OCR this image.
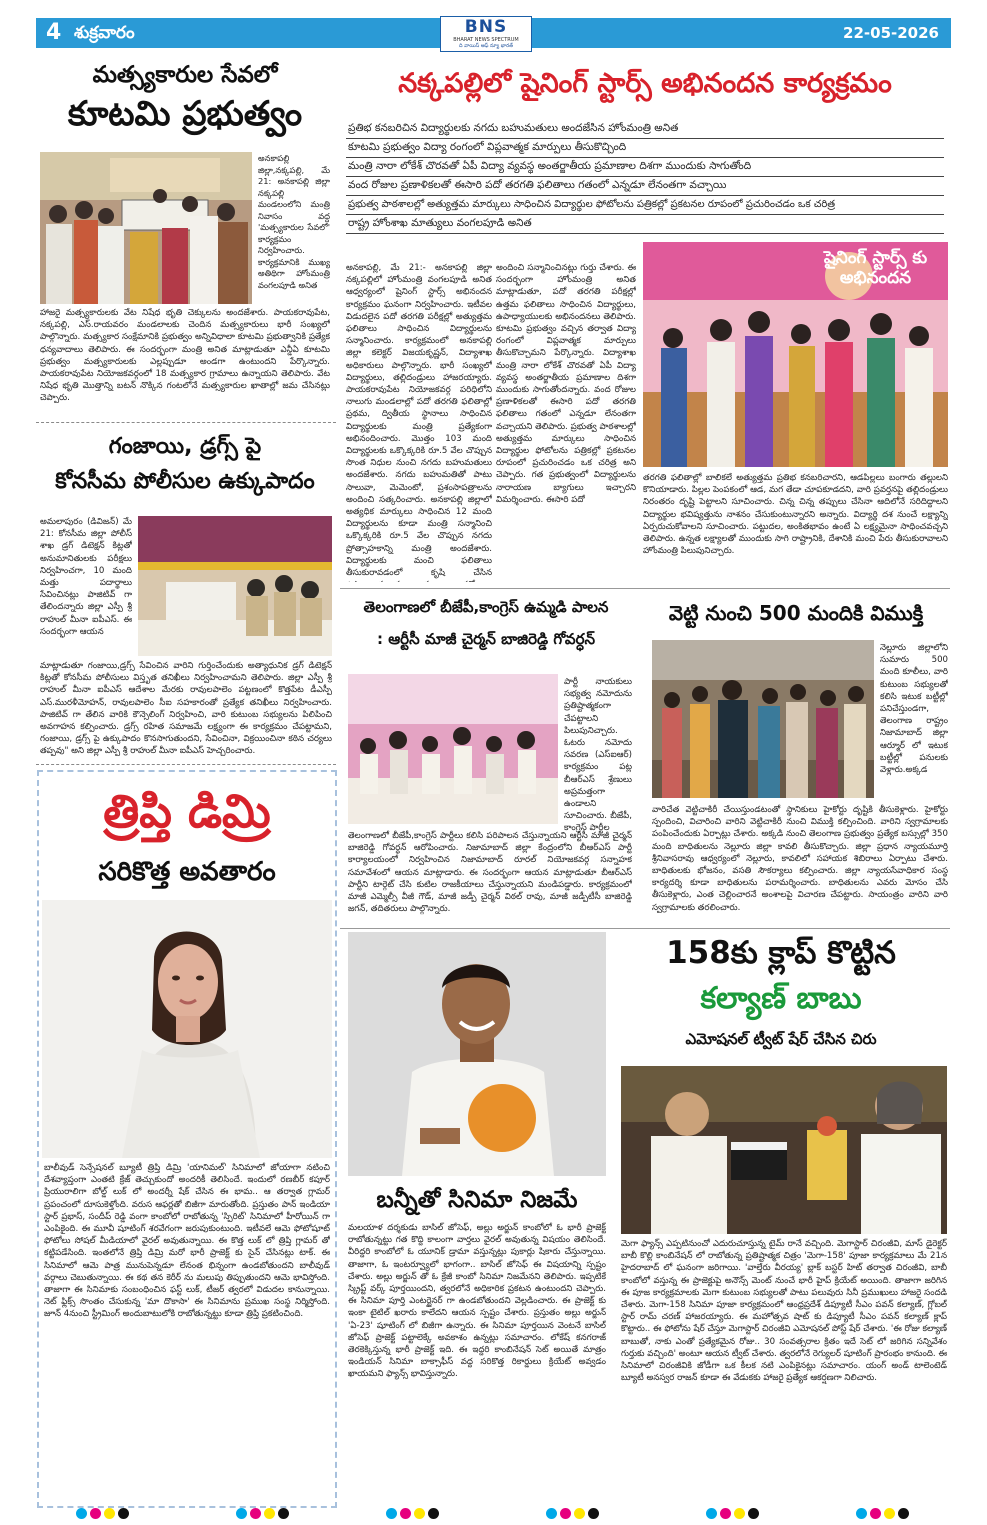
4 శుక్రవారం	22-05-2026
BNS
BHARAT NEWS SPECTRUM
ది వాయిస్ ఆఫ్ న్యూ భారత్
మత్స్యకారుల సేవలో
కూటమి ప్రభుత్వం
అనకాపల్లి జిల్లా,నక్కపల్లి, మే 21: అనకాపల్లి జిల్లా నక్కపల్లి మండలంలోని మంత్రి నివాసం వద్ద 'మత్స్యకారుల సేవలో' కార్యక్రమం నిర్వహించారు. కార్యక్రమానికి ముఖ్య అతిథిగా హోంమంత్రి వంగలపూడి అనిత
హాజరై మత్స్యకారులకు వేట నిషేధ భృతి చెక్కులను అందజేశారు. పాయకరావుపేట, నక్కపల్లి, ఎస్.రాయవరం మండలాలకు చెందిన మత్స్యకారులు భారీ సంఖ్యలో పాల్గొన్నారు. మత్స్యకార సంక్షేమానికి ప్రభుత్వం అన్నివిధాలా కూటమి ప్రభుత్వానికి ప్రత్యేక ధన్యవాదాలు తెలిపారు. ఈ సందర్భంగా మంత్రి అనిత మాట్లాడుతూ ఎన్డీఏ కూటమి ప్రభుత్వం మత్స్యకారులకు ఎల్లప్పుడూ అండగా ఉంటుందని పేర్కొన్నారు. పాయకరావుపేట నియోజకవర్గంలో 18 మత్స్యకార గ్రామాలు ఉన్నాయని తెలిపారు. వేట నిషేధ భృతి మొత్తాన్ని బటన్ నొక్కిన గంటలోనే మత్స్యకారుల ఖాతాల్లో జమ చేసినట్లు చెప్పారు.
నక్కపల్లిలో షైనింగ్ స్టార్స్ అభినందన కార్యక్రమం
ప్రతిభ కనబరిచిన విద్యార్థులకు నగదు బహుమతులు అందజేసిన హోంమంత్రి అనిత
కూటమి ప్రభుత్వం విద్యా రంగంలో విప్లవాత్మక మార్పులు తీసుకొచ్చింది
మంత్రి నారా లోకేశ్ చొరవతో ఏపీ విద్యా వ్యవస్థ అంతర్జాతీయ ప్రమాణాల దిశగా ముందుకు సాగుతోంది
వంద రోజుల ప్రణాళికలతో ఈసారి పదో తరగతి ఫలితాలు గతంలో ఎన్నడూ లేనంతగా వచ్చాయి
ప్రభుత్వ పాఠశాలల్లో అత్యుత్తమ మార్కులు సాధించిన విద్యార్థుల ఫోటోలను పత్రికల్లో ప్రకటనల రూపంలో ప్రచురించడం ఒక చరిత్ర
రాష్ట్ర హోంశాఖ మాత్యులు వంగలపూడి అనిత
అనకాపల్లి, మే 21:- అనకాపల్లి జిల్లా నక్కపల్లిలో హోంమంత్రి వంగలపూడి అనిత ఆధ్వర్యంలో షైనింగ్ స్టార్స్ అభినందన కార్యక్రమం ఘనంగా నిర్వహించారు. ఇటీవల విడుదలైన పదో తరగతి పరీక్షల్లో అత్యుత్తమ ఫలితాలు సాధించిన విద్యార్థులను సన్మానించారు. కార్యక్రమంలో అనకాపల్లి జిల్లా కలెక్టర్ విజయకృష్ణన్, విద్యాశాఖ అధికారులు పాల్గొన్నారు. భారీ సంఖ్యలో విద్యార్థులు, తల్లిదండ్రులు హాజరయ్యారు. పాయకరావుపేట నియోజకవర్గ పరిధిలోని నాలుగు మండలాల్లో పదో తరగతి ఫలితాల్లో ప్రథమ, ద్వితీయ స్థానాలు సాధించిన విద్యార్థులకు మంత్రి ప్రత్యేకంగా అభినందించారు. మొత్తం 103 మంది విద్యార్థులకు ఒక్కొక్కరికి రూ.5 వేల చొప్పున సొంత నిధుల నుంచి నగదు బహుమతులు అందజేశారు. నగదు బహుమతితో పాటు సాలువా, మెమెంటో, ప్రశంసాపత్రాలను అందించి సత్కరించారు. అనకాపల్లి జిల్లాలో అత్యధిక మార్కులు సాధించిన 12 మంది విద్యార్థులను కూడా మంత్రి సన్మానించి ఒక్కొక్కరికి రూ.5 వేల చొప్పున నగదు ప్రోత్సాహకాన్ని మంత్రి అందజేశారు. విద్యార్థులకు మంచి ఫలితాలు తీసుకురావడంలో కృషి చేసిన
అందించి సన్మానించినట్లు గుర్తు చేశారు. ఈ సందర్భంగా హోంమంత్రి అనిత మాట్లాడుతూ, పదో తరగతి పరీక్షల్లో ఉత్తమ ఫలితాలు సాధించిన విద్యార్థులు, ఉపాధ్యాయులకు అభినందనలు తెలిపారు. కూటమి ప్రభుత్వం వచ్చిన తర్వాత విద్యా రంగంలో విప్లవాత్మక మార్పులు తీసుకొచ్చామని పేర్కొన్నారు. విద్యాశాఖ మంత్రి నారా లోకేశ్ చొరవతో ఏపీ విద్యా వ్యవస్థ అంతర్జాతీయ ప్రమాణాల దిశగా ముందుకు సాగుతోందన్నారు. వంద రోజుల ప్రణాళికలతో ఈసారి పదో తరగతి ఫలితాలు గతంలో ఎన్నడూ లేనంతగా వచ్చాయని తెలిపారు. ప్రభుత్వ పాఠశాలల్లో అత్యుత్తమ మార్కులు సాధించిన విద్యార్థుల ఫోటోలను పత్రికల్లో ప్రకటనల రూపంలో ప్రచురించడం ఒక చరిత్ర అని చెప్పారు. గత ప్రభుత్వంలో విద్యార్థులను నారాయణ బ్యాగులు ఇచ్చారని విమర్శించారు. ఈసారి పదో
షైనింగ్ స్టార్స్ కు అభినందన
తరగతి ఫలితాల్లో బాలికలే అత్యుత్తమ ప్రతిభ కనబరిచారని, ఆడపిల్లలు బంగారు తల్లులని కొనియాడారు. పిల్లల పెంపకంలో ఆడ, మగ తేడా చూపకూడదని, వారి ప్రవర్తనపై తల్లిదండ్రులు నిరంతరం దృష్టి పెట్టాలని సూచించారు. చిన్న చిన్న తప్పులు చేసినా ఆదిలోనే సరిదిద్దాలని విద్యార్థుల భవిష్యత్తును నాశనం చేసుకుంటున్నారని అన్నారు. విద్యార్థి దశ నుంచే లక్ష్యాన్ని ఏర్పరుచుకోవాలని సూచించారు. పట్టుదల, అంకితభావం ఉంటే ఏ లక్ష్యమైనా సాధించవచ్చని తెలిపారు. ఉన్నత లక్ష్యాలతో ముందుకు సాగి రాష్ట్రానికి, దేశానికి మంచి పేరు తీసుకురావాలని హోంమంత్రి పిలుపునిచ్చారు.
గంజాయి, డ్రగ్స్ పై
కోనసీమ పోలీసుల ఉక్కుపాదం
అమలాపురం (డివిజన్) మే 21: కోనసీమ జిల్లా పోలీస్ శాఖ డ్రగ్ డిటెక్షన్ కిట్లతో అనుమానితులకు పరీక్షలు నిర్వహించగా, 10 మంది మత్తు పదార్థాలు సేవించినట్లు పాజిటివ్ గా తేలిందన్నారు జిల్లా ఎస్పీ శ్రీ రాహుల్ మీనా ఐపీఎస్. ఈ సందర్భంగా ఆయన
మాట్లాడుతూ గంజాయి,డ్రగ్స్ సేవించిన వారిని గుర్తించేందుకు అత్యాధునిక డ్రగ్ డిటెక్షన్ కిట్లతో కోనసీమ పోలీసులు విస్తృత తనిఖీలు నిర్వహించామని తెలిపారు. జిల్లా ఎస్పీ శ్రీ రాహుల్ మీనా ఐపీఎస్ ఆదేశాల మేరకు రావులపాలెం పట్టణంలో కొత్తపేట డీఎస్పీ ఎస్.మురళీమోహన్, రావులపాలెం సీఐ సహకారంతో ప్రత్యేక తనిఖీలు నిర్వహించారు. పాజిటివ్ గా తేలిన వారికి కౌన్సెలింగ్ నిర్వహించి, వారి కుటుంబ సభ్యులను పిలిపించి అవగాహన కల్పించారు. డ్రగ్స్ రహిత సమాజమే లక్ష్యంగా ఈ కార్యక్రమం చేపట్టామని, గంజాయి, డ్రగ్స్ పై ఉక్కుపాదం కొనసాగుతుందని, సేవించినా, విక్రయించినా కఠిన చర్యలు తప్పవు" అని జిల్లా ఎస్పీ శ్రీ రాహుల్ మీనా ఐపీఎస్ హెచ్చరించారు.
తెలంగాణలో బీజేపీ,కాంగ్రెస్ ఉమ్మడి పాలన
: ఆర్టీసీ మాజీ చైర్మన్ బాజిరెడ్డి గోవర్ధన్
పార్టీ నాయకులు సభ్యత్వ నమోదును ప్రతిష్టాత్మకంగా చేపట్టాలని పిలుపునిచ్చారు. ఓటరు నమోదు సవరణ (ఎస్ఐఆర్) కార్యక్రమం పట్ల బీఆర్ఎస్ శ్రేణులు అప్రమత్తంగా ఉండాలని సూచించారు. బీజేపీ, కాంగ్రెస్ పార్టీల
తెలంగాణలో బీజేపీ,కాంగ్రెస్ పార్టీలు కలిసి పరిపాలన చేస్తున్నాయని ఆర్టీసీ మాజీ చైర్మన్ బాజిరెడ్డి గోవర్ధన్ ఆరోపించారు. నిజామాబాద్ జిల్లా కేంద్రంలోని బీఆర్ఎస్ పార్టీ కార్యాలయంలో నిర్వహించిన నిజామాబాద్ రూరల్ నియోజకవర్గ సన్నాహక సమావేశంలో ఆయన మాట్లాడారు. ఈ సందర్భంగా ఆయన మాట్లాడుతూ బీఆర్ఎస్ పార్టీని టార్గెట్ చేసి కుటిల రాజకీయాలు చేస్తున్నాయని మండిపడ్డారు. కార్యక్రమంలో మాజీ ఎమ్మెల్సీ వీజీ గౌడ్, మాజీ జడ్పీ చైర్మన్ విఠల్ రావు, మాజీ జడ్పీటీసీ బాజిరెడ్డి జగన్, తదితరులు పాల్గొన్నారు.
వెట్టి నుంచి 500 మందికి విముక్తి
నెల్లూరు జిల్లాలోని సుమారు 500 మంది కూలీలు, వారి కుటుంబ సభ్యులతో కలిసి ఇటుక బట్టీల్లో పనిచేస్తుండగా, తెలంగాణ రాష్ట్రం నిజామాబాద్ జిల్లా ఆర్మూర్ లో ఇటుక బట్టీల్లో పనులకు వెళ్లారు.అక్కడ
వారిచేత వెట్టిచాకిరీ చేయిస్తుండటంతో స్థానికులు హైకోర్టు దృష్టికి తీసుకెళ్లారు. హైకోర్టు స్పందించి, విచారించి వారిని వెట్టిచాకిరీ నుంచి విముక్తి కల్పించింది. వారిని స్వగ్రామాలకు పంపించేందుకు ఏర్పాట్లు చేశారు. అక్కడి నుంచి తెలంగాణ ప్రభుత్వం ప్రత్యేక బస్సుల్లో 350 మంది బాధితులను నెల్లూరు జిల్లా కావలి తీసుకొచ్చారు. జిల్లా ప్రధాన న్యాయమూర్తి శ్రీనివాసరావు ఆధ్వర్యంలో నెల్లూరు, కావలిలో సహాయక శిబిరాలు ఏర్పాటు చేశారు. బాధితులకు భోజనం, వసతి సౌకర్యాలు కల్పించారు. జిల్లా న్యాయసేవాధికార సంస్థ కార్యదర్శి కూడా బాధితులను పరామర్శించారు. బాధితులను ఎవరు మోసం చేసి తీసుకెళ్లారు, ఎంత చెల్లించారనే అంశాలపై విచారణ చేపట్టారు. సాయంత్రం వారిని వారి స్వగ్రామాలకు తరలించారు.
త్రిప్తి డిమ్రి
సరికొత్త అవతారం
బాలీవుడ్ సెన్సేషనల్ బ్యూటీ త్రిప్తి డిమ్రి 'యానిమల్' సినిమాలో జోయాగా నటించి దేశవ్యాప్తంగా ఎంతటి క్రేజ్ తెచ్చుకుందో అందరికీ తెలిసిందే. ఇందులో రణబీర్ కపూర్ ప్రియురాలిగా బోల్డ్ లుక్ లో అందర్నీ షేక్ చేసిన ఈ భామ.. ఆ తర్వాత గ్లామర్ ప్రపంచంలో దూసుకెళ్తోంది. వరుస ఆఫర్లతో బిజీగా మారుతోంది. ప్రస్తుతం పాన్ ఇండియా స్టార్ ప్రభాస్, సందీప్ రెడ్డి వంగా కాంబోలో రాబోతున్న 'స్పిరిట్' సినిమాలో హీరోయిన్ గా ఎంపికైంది. ఈ మూవీ షూటింగ్ శరవేగంగా జరుపుకుంటుంది. ఇటీవలే ఆమె ఫోటోషూట్ ఫోటోలు సోషల్ మీడియాలో వైరల్ అవుతున్నాయి. ఈ కొత్త లుక్ లో త్రిప్తి గ్లామర్ తో కట్టిపడేసింది. ఇంతలోనే త్రిప్తి డిమ్రి మరో భారీ ప్రాజెక్ట్ కు సైన్ చేసినట్లు టాక్. ఈ సినిమాలో ఆమె పాత్ర మునుపెన్నడూ లేనంత భిన్నంగా ఉండబోతుందని బాలీవుడ్ వర్గాలు చెబుతున్నాయి. ఈ కథ తన కెరీర్ ను మలుపు తిప్పుతుందని ఆమె భావిస్తోంది. తాజాగా ఈ సినిమాకు సంబంధించిన ఫస్ట్ లుక్, టీజర్ త్వరలో విడుదల కానున్నాయి. నెట్ ఫ్లిక్స్ సొంతం చేసుకున్న 'మా దొకాసా' ఈ సినిమాను ప్రముఖ సంస్థ నిర్మిస్తోంది. జూన్ 4నుంచి స్ట్రీమింగ్ అందుబాటులోకి రాబోతున్నట్టు కూడా త్రిప్తి ప్రకటించింది.
బన్నీతో సినిమా నిజమే
మలయాళ దర్శకుడు బాసిల్ జోసెఫ్, అల్లు అర్జున్ కాంబోలో ఓ భారీ ప్రాజెక్ట్ రాబోతున్నట్టు గత కొద్ది కాలంగా వార్తలు వైరల్ అవుతున్న విషయం తెలిసిందే. వీరిద్దరి కాంబోలో ఓ యూనిక్ డ్రామా వస్తున్నట్లు పుకార్లు షికారు చేస్తున్నాయి. తాజాగా, ఓ ఇంటర్వ్యూలో భాగంగా.. బాసిల్ జోసెఫ్ ఈ విషయాన్ని స్పష్టం చేశారు. అల్లు అర్జున్ తో ఓ క్రేజీ కాంబో సినిమా నిజమేనని తెలిపారు. ఇప్పటికే స్క్రిప్ట్ వర్క్ పూర్తయిందని, త్వరలోనే అధికారిక ప్రకటన ఉంటుందని చెప్పారు. ఈ సినిమా పూర్తి ఎంటర్టైనర్ గా ఉండబోతుందని వెల్లడించారు. ఈ ప్రాజెక్ట్ కు ఇంకా టైటిల్ ఖరారు కాలేదని ఆయన స్పష్టం చేశారు. ప్రస్తుతం అల్లు అర్జున్ 'ఏ-23' షూటింగ్ లో బిజీగా ఉన్నారు. ఈ సినిమా పూర్తయిన వెంటనే బాసిల్ జోసెఫ్ ప్రాజెక్ట్ పట్టాలెక్కే అవకాశం ఉన్నట్లు సమాచారం. లోకేష్ కనగరాజ్ తెరకెక్కిస్తున్న భారీ ప్రాజెక్ట్ ఇది. ఈ ఇద్దరి కాంబినేషన్ సెట్ అయితే మాత్రం ఇండియన్ సినిమా బాక్సాఫీస్ వద్ద సరికొత్త రికార్డులు క్రియేట్ అవ్వడం ఖాయమని ఫ్యాన్స్ భావిస్తున్నారు.
158కు క్లాప్ కొట్టిన
కల్యాణ్ బాబు
ఎమోషనల్ ట్వీట్ షేర్ చేసిన చిరు
మెగా ఫ్యాన్స్ ఎప్పటినుంచో ఎదురుచూస్తున్న టైమ్ రానే వచ్చింది. మెగాస్టార్ చిరంజీవి, మాస్ డైరెక్టర్ బాబీ కొల్లి కాంబినేషన్ లో రాబోతున్న ప్రతిష్టాత్మక చిత్రం 'మెగా-158' పూజా కార్యక్రమాలు మే 21న హైదరాబాద్ లో ఘనంగా జరిగాయి. 'వాల్తేరు వీరయ్య' బ్లాక్ బస్టర్ హిట్ తర్వాత చిరంజీవి, బాబీ కాంబోలో వస్తున్న ఈ ప్రాజెక్టుపై అనౌన్స్ మెంట్ నుంచే భారీ హైప్ క్రియేట్ అయింది. తాజాగా జరిగిన ఈ పూజ కార్యక్రమాలకు మెగా కుటుంబ సభ్యులతో పాటు పలువురు సినీ ప్రముఖులు హాజరై సందడి చేశారు. మెగా-158 సినిమా పూజా కార్యక్రమంలో ఆంధ్రప్రదేశ్ డిప్యూటీ సీఎం పవన్ కల్యాణ్, గ్లోబల్ స్టార్ రామ్ చరణ్ హాజరయ్యారు. ఈ మహోత్సవ షాట్ కు డిప్యూటీ సీఎం పవన్ కల్యాణ్ క్లాప్ కొట్టారు.. ఈ ఫోటోను షేర్ చేస్తూ మెగాస్టార్ చిరంజీవి ఎమోషనల్ పోస్ట్ షేర్ చేశారు. 'ఈ రోజు కల్యాణ్ బాబుతో, నాకు ఎంతో ప్రత్యేకమైన రోజు.. 30 సంవత్సరాల క్రితం ఇదే సెట్ లో జరిగిన సన్నివేశం గుర్తుకు వచ్చింది' అంటూ ఆయన ట్వీట్ చేశారు. త్వరలోనే రెగ్యులర్ షూటింగ్ ప్రారంభం కానుంది. ఈ సినిమాలో చిరంజీవికి జోడీగా ఒక కీలక నటి ఎంపికైనట్లు సమాచారం. యంగ్ అండ్ టాలెంటెడ్ బ్యూటీ అనస్వర రాజన్ కూడా ఈ వేడుకకు హాజరై ప్రత్యేక ఆకర్షణగా నిలిచారు.
